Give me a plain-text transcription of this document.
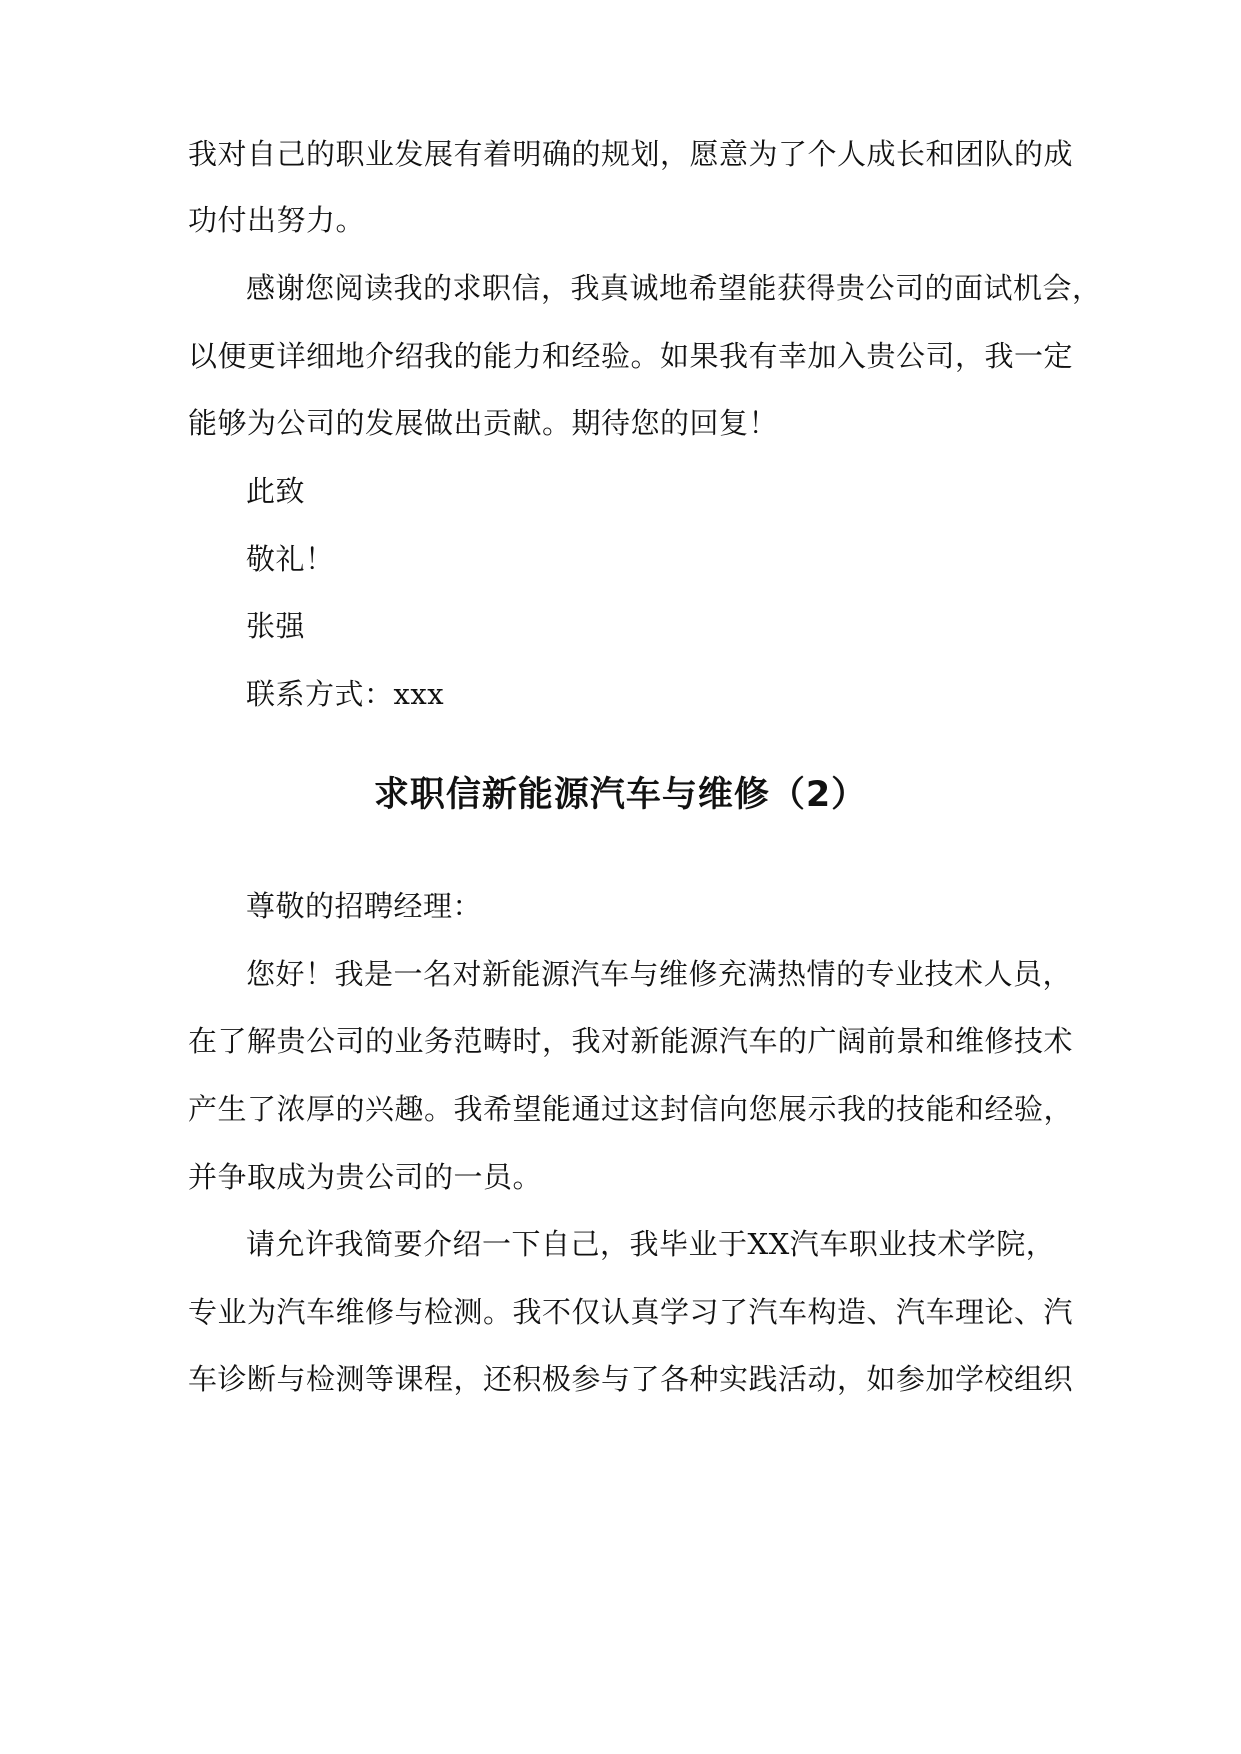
我对自己的职业发展有着明确的规划，愿意为了个人成长和团队的成
功付出努力。
感谢您阅读我的求职信，我真诚地希望能获得贵公司的面试机会，
以便更详细地介绍我的能力和经验。如果我有幸加入贵公司，我一定
能够为公司的发展做出贡献。期待您的回复！
此致
敬礼！
张强
联系方式：xxx
求职信新能源汽车与维修（2）
尊敬的招聘经理：
您好！我是一名对新能源汽车与维修充满热情的专业技术人员，
在了解贵公司的业务范畴时，我对新能源汽车的广阔前景和维修技术
产生了浓厚的兴趣。我希望能通过这封信向您展示我的技能和经验，
并争取成为贵公司的一员。
请允许我简要介绍一下自己，我毕业于XX汽车职业技术学院，
专业为汽车维修与检测。我不仅认真学习了汽车构造、汽车理论、汽
车诊断与检测等课程，还积极参与了各种实践活动，如参加学校组织
